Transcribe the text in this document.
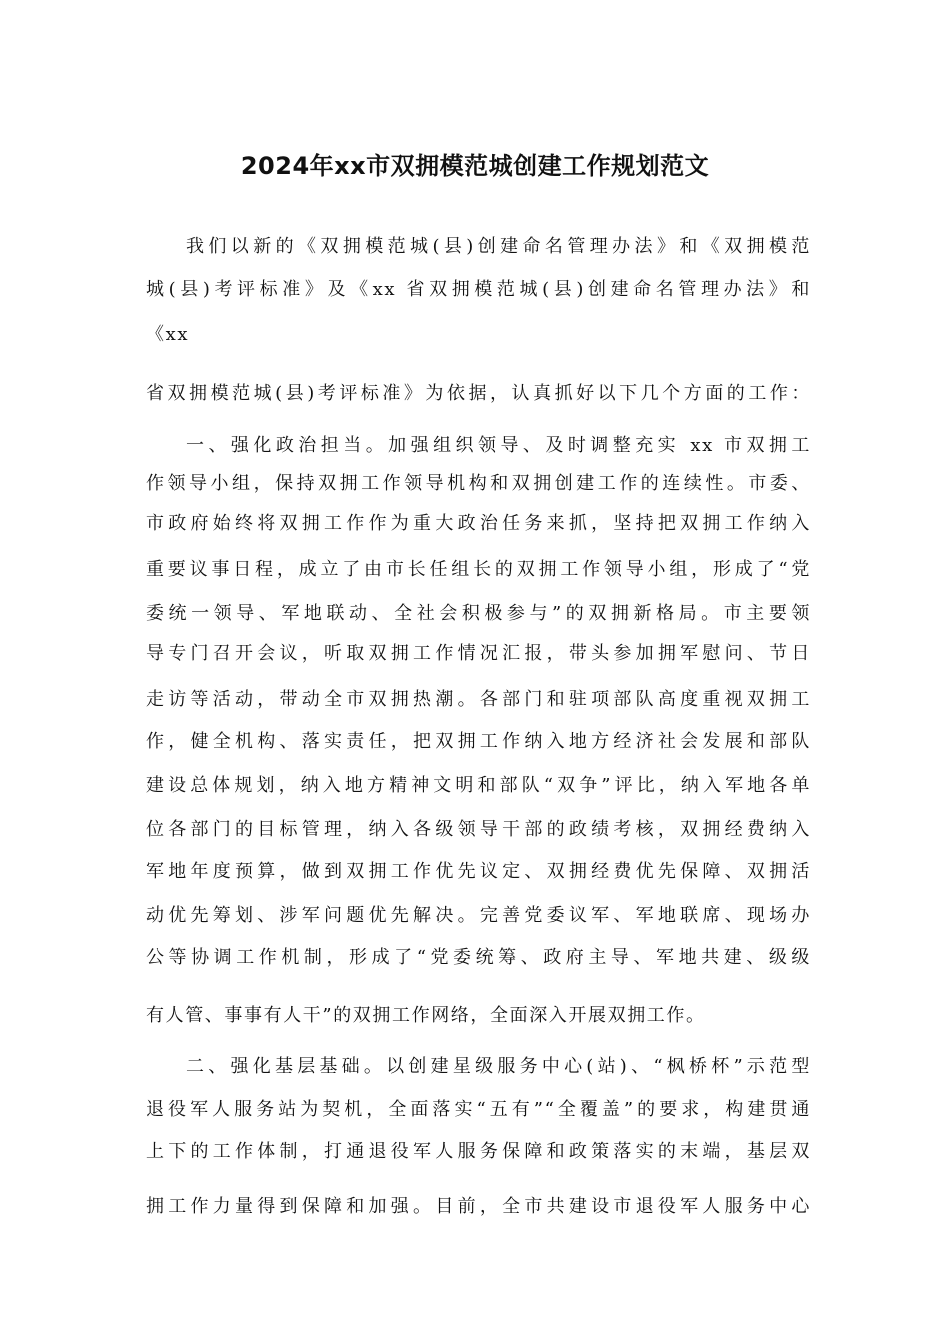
2024年xx市双拥模范城创建工作规划范文
我们以新的《双拥模范城(县)创建命名管理办法》和《双拥模范
城(县)考评标准》及《xx 省双拥模范城(县)创建命名管理办法》和
《xx
省双拥模范城(县)考评标准》为依据，认真抓好以下几个方面的工作：
一、强化政治担当。加强组织领导、及时调整充实 xx 市双拥工
作领导小组，保持双拥工作领导机构和双拥创建工作的连续性。市委、
市政府始终将双拥工作作为重大政治任务来抓，坚持把双拥工作纳入
重要议事日程，成立了由市长任组长的双拥工作领导小组，形成了“党
委统一领导、军地联动、全社会积极参与”的双拥新格局。市主要领
导专门召开会议，听取双拥工作情况汇报，带头参加拥军慰问、节日
走访等活动，带动全市双拥热潮。各部门和驻项部队高度重视双拥工
作，健全机构、落实责任，把双拥工作纳入地方经济社会发展和部队
建设总体规划，纳入地方精神文明和部队“双争”评比，纳入军地各单
位各部门的目标管理，纳入各级领导干部的政绩考核，双拥经费纳入
军地年度预算，做到双拥工作优先议定、双拥经费优先保障、双拥活
动优先筹划、涉军问题优先解决。完善党委议军、军地联席、现场办
公等协调工作机制，形成了“党委统筹、政府主导、军地共建、级级
有人管、事事有人干”的双拥工作网络，全面深入开展双拥工作。
二、强化基层基础。以创建星级服务中心(站)、“枫桥杯”示范型
退役军人服务站为契机，全面落实“五有”“全覆盖”的要求，构建贯通
上下的工作体制，打通退役军人服务保障和政策落实的末端，基层双
拥工作力量得到保障和加强。目前，全市共建设市退役军人服务中心
